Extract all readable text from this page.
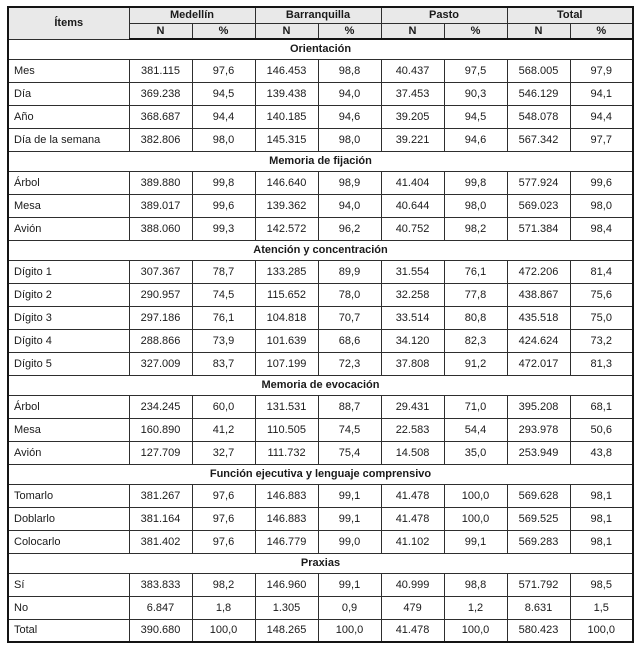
Ítems	Medellín		Barranquilla		Pasto		Total	
	N	%	N	%	N	%	N	%
Orientación								
Mes	381.115	97,6	146.453	98,8	40.437	97,5	568.005	97,9
Día	369.238	94,5	139.438	94,0	37.453	90,3	546.129	94,1
Año	368.687	94,4	140.185	94,6	39.205	94,5	548.078	94,4
Día de la semana	382.806	98,0	145.315	98,0	39.221	94,6	567.342	97,7
Memoria de fijación								
Árbol	389.880	99,8	146.640	98,9	41.404	99,8	577.924	99,6
Mesa	389.017	99,6	139.362	94,0	40.644	98,0	569.023	98,0
Avión	388.060	99,3	142.572	96,2	40.752	98,2	571.384	98,4
Atención y concentración								
Dígito 1	307.367	78,7	133.285	89,9	31.554	76,1	472.206	81,4
Dígito 2	290.957	74,5	115.652	78,0	32.258	77,8	438.867	75,6
Dígito 3	297.186	76,1	104.818	70,7	33.514	80,8	435.518	75,0
Dígito 4	288.866	73,9	101.639	68,6	34.120	82,3	424.624	73,2
Dígito 5	327.009	83,7	107.199	72,3	37.808	91,2	472.017	81,3
Memoria de evocación								
Árbol	234.245	60,0	131.531	88,7	29.431	71,0	395.208	68,1
Mesa	160.890	41,2	110.505	74,5	22.583	54,4	293.978	50,6
Avión	127.709	32,7	111.732	75,4	14.508	35,0	253.949	43,8
Función ejecutiva y lenguaje comprensivo								
Tomarlo	381.267	97,6	146.883	99,1	41.478	100,0	569.628	98,1
Doblarlo	381.164	97,6	146.883	99,1	41.478	100,0	569.525	98,1
Colocarlo	381.402	97,6	146.779	99,0	41.102	99,1	569.283	98,1
Praxias								
Sí	383.833	98,2	146.960	99,1	40.999	98,8	571.792	98,5
No	6.847	1,8	1.305	0,9	479	1,2	8.631	1,5
Total	390.680	100,0	148.265	100,0	41.478	100,0	580.423	100,0
